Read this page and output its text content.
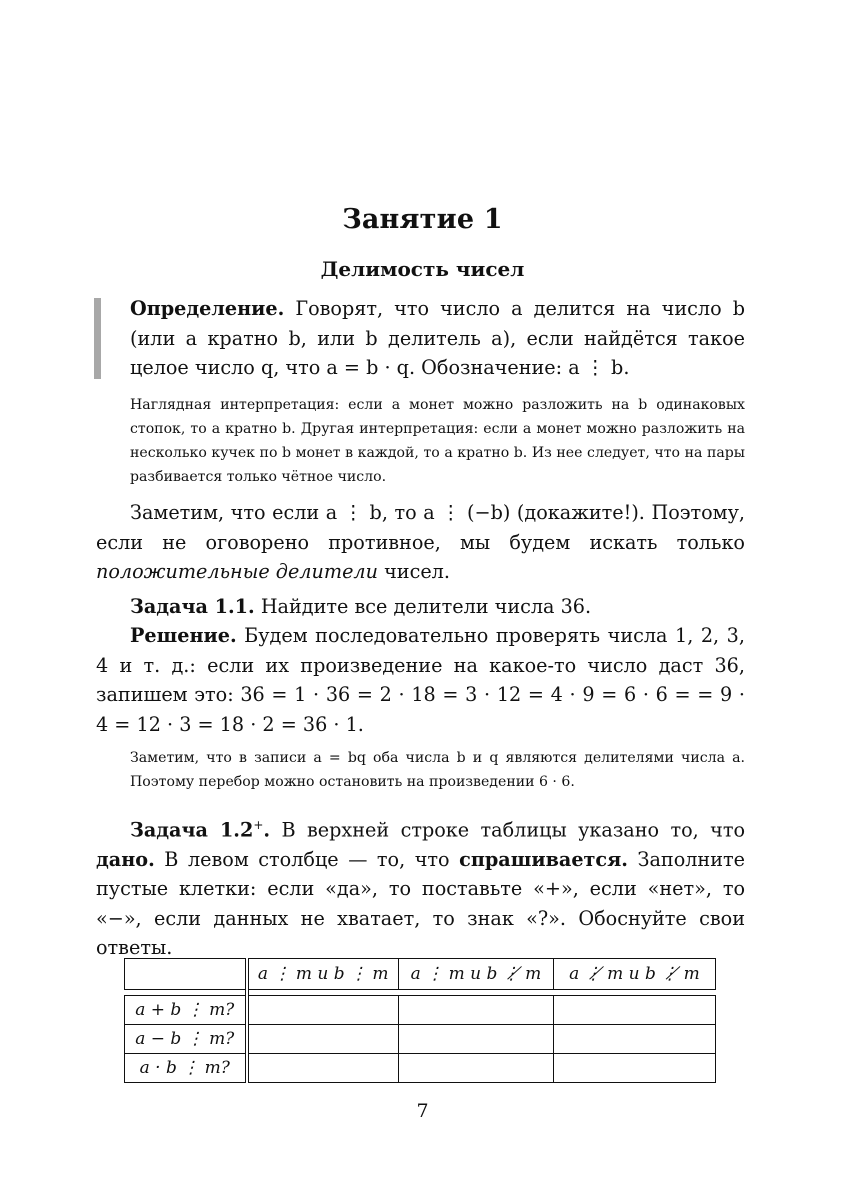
Занятие 1
Делимость чисел

Определение. Говорят, что число a делится на число b (или a кратно b, или b делитель a), если найдётся такое целое число q, что a = b · q. Обозначение: a ⋮ b.

Наглядная интерпретация: если a монет можно разложить на b одинаковых стопок, то a кратно b. Другая интерпретация: если a монет можно разложить на несколько кучек по b монет в каждой, то a кратно b. Из нее следует, что на пары разбивается только чётное число.

Заметим, что если a ⋮ b, то a ⋮ (−b) (докажите!). Поэтому, если не оговорено противное, мы будем искать только положительные делители чисел.

Задача 1.1. Найдите все делители числа 36.

Решение. Будем последовательно проверять числа 1, 2, 3, 4 и т. д.: если их произведение на какое-то число даст 36, запишем это: 36 = 1 · 36 = 2 · 18 = 3 · 12 = 4 · 9 = 6 · 6 = = 9 · 4 = 12 · 3 = 18 · 2 = 36 · 1.

Заметим, что в записи a = bq оба числа b и q являются делителями числа a. Поэтому перебор можно остановить на произведении 6 · 6.

Задача 1.2+. В верхней строке таблицы указано то, что дано. В левом столбце — то, что спрашивается. Заполните пустые клетки: если «да», то поставьте «+», если «нет», то «−», если данных не хватает, то знак «?». Обоснуйте свои ответы.

	a ⋮ m и b ⋮ m	a ⋮ m и b ⋮̸ m	a ⋮̸ m и b ⋮̸ m

a + b ⋮ m?			
a − b ⋮ m?			
a · b ⋮ m?			
7
